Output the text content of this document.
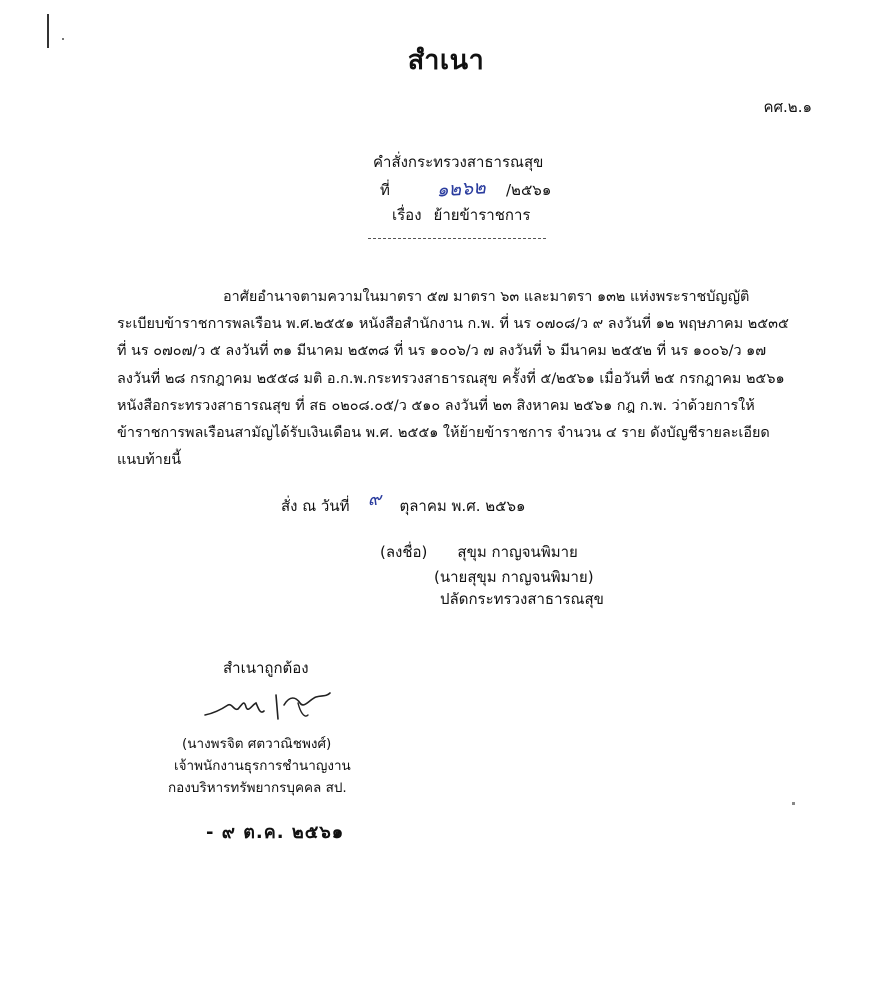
สำเนา
คศ.๒.๑
คำสั่งกระทรวงสาธารณสุข
ที่	๑๒๖๒	/๒๕๖๑
เรื่อง ย้ายข้าราชการ
อาศัยอำนาจตามความในมาตรา ๕๗ มาตรา ๖๓ และมาตรา ๑๓๒ แห่งพระราชบัญญัติ
ระเบียบข้าราชการพลเรือน พ.ศ.๒๕๕๑ หนังสือสำนักงาน ก.พ. ที่ นร ๐๗๐๘/ว ๙ ลงวันที่ ๑๒ พฤษภาคม ๒๕๓๕
ที่ นร ๐๗๐๗/ว ๕ ลงวันที่ ๓๑ มีนาคม ๒๕๓๘ ที่ นร ๑๐๐๖/ว ๗ ลงวันที่ ๖ มีนาคม ๒๕๕๒ ที่ นร ๑๐๐๖/ว ๑๗
ลงวันที่ ๒๘ กรกฎาคม ๒๕๕๘ มติ อ.ก.พ.กระทรวงสาธารณสุข ครั้งที่ ๕/๒๕๖๑ เมื่อวันที่ ๒๕ กรกฎาคม ๒๕๖๑
หนังสือกระทรวงสาธารณสุข ที่ สธ ๐๒๐๘.๐๕/ว ๕๑๐ ลงวันที่ ๒๓ สิงหาคม ๒๕๖๑ กฎ ก.พ. ว่าด้วยการให้
ข้าราชการพลเรือนสามัญได้รับเงินเดือน พ.ศ. ๒๕๕๑ ให้ย้ายข้าราชการ จำนวน ๔ ราย ดังบัญชีรายละเอียด
แนบท้ายนี้
สั่ง ณ วันที่	๙	ตุลาคม พ.ศ. ๒๕๖๑
(ลงชื่อ) สุขุม กาญจนพิมาย
(นายสุขุม กาญจนพิมาย)
ปลัดกระทรวงสาธารณสุข
สำเนาถูกต้อง
(นางพรจิต ศตวาณิชพงศ์)
เจ้าพนักงานธุรการชำนาญงาน
กองบริหารทรัพยากรบุคคล สป.
- ๙ ต.ค. ๒๕๖๑
